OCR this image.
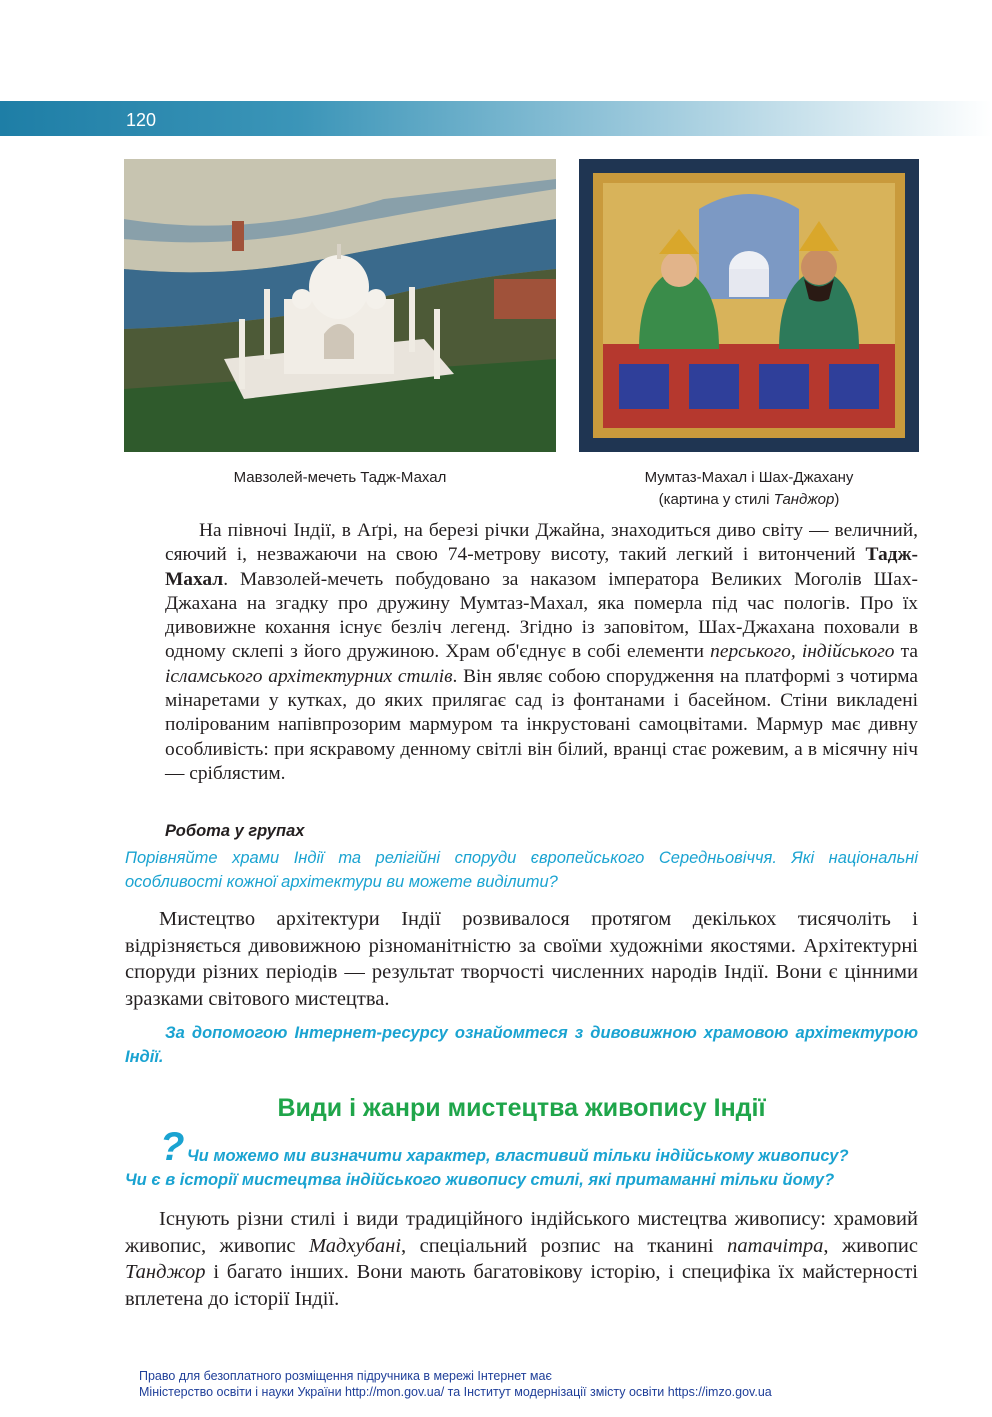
120
Мавзолей-мечеть Тадж-Махал	Мумтаз-Махал і Шах-Джахану
(картина у стилі Танджор)

На півночі Індії, в Аґрі, на березі річки Джайна, знаходиться диво світу — величний, сяючий і, незважаючи на свою 74-метрову висоту, такий легкий і витончений Тадж-Махал. Мавзолей-мечеть побудовано за наказом імператора Великих Моголів Шах-Джахана на згадку про дружину Мумтаз-Махал, яка померла під час пологів. Про їх дивовижне кохання існує безліч легенд. Згідно із заповітом, Шах-Джахана поховали в одному склепі з його дружиною. Храм об'єднує в собі елементи перського, індійського та ісламського архітектурних стилів. Він являє собою спорудження на платформі з чотирма мінаретами у кутках, до яких прилягає сад із фонтанами і басейном. Стіни викладені полірованим напівпрозорим мармуром та інкрустовані самоцвітами. Мармур має дивну особливість: при яскравому денному світлі він білий, вранці стає рожевим, а в місячну ніч — сріблястим.

Робота у групах
Порівняйте храми Індії та релігійні споруди європейського Середньовіччя. Які національні особливості кожної архітектури ви можете виділити?

Мистецтво архітектури Індії розвивалося протягом декількох тисячоліть і відрізняється дивовижною різноманітністю за своїми художніми якостями. Архітектурні споруди різних періодів — результат творчості численних народів Індії. Вони є цінними зразками світового мистецтва.

За допомогою Інтернет-ресурсу ознайомтеся з дивовижною храмовою архітектурою Індії.
Види і жанри мистецтва живопису Індії
? Чи можемо ми визначити характер, властивий тільки індійському живопису?
Чи є в історії мистецтва індійського живопису стилі, які притаманні тільки йому?

Існують різни стилі і види традиційного індійського мистецтва живопису: храмовий живопис, живопис Мадхубані, спеціальний розпис на тканині патачітра, живопис Танджор і багато інших. Вони мають багатовікову історію, і специфіка їх майстерності вплетена до історії Індії.

Право для безоплатного розміщення підручника в мережі Інтернет має
Міністерство освіти і науки України http://mon.gov.ua/ та Інститут модернізації змісту освіти https://imzo.gov.ua
